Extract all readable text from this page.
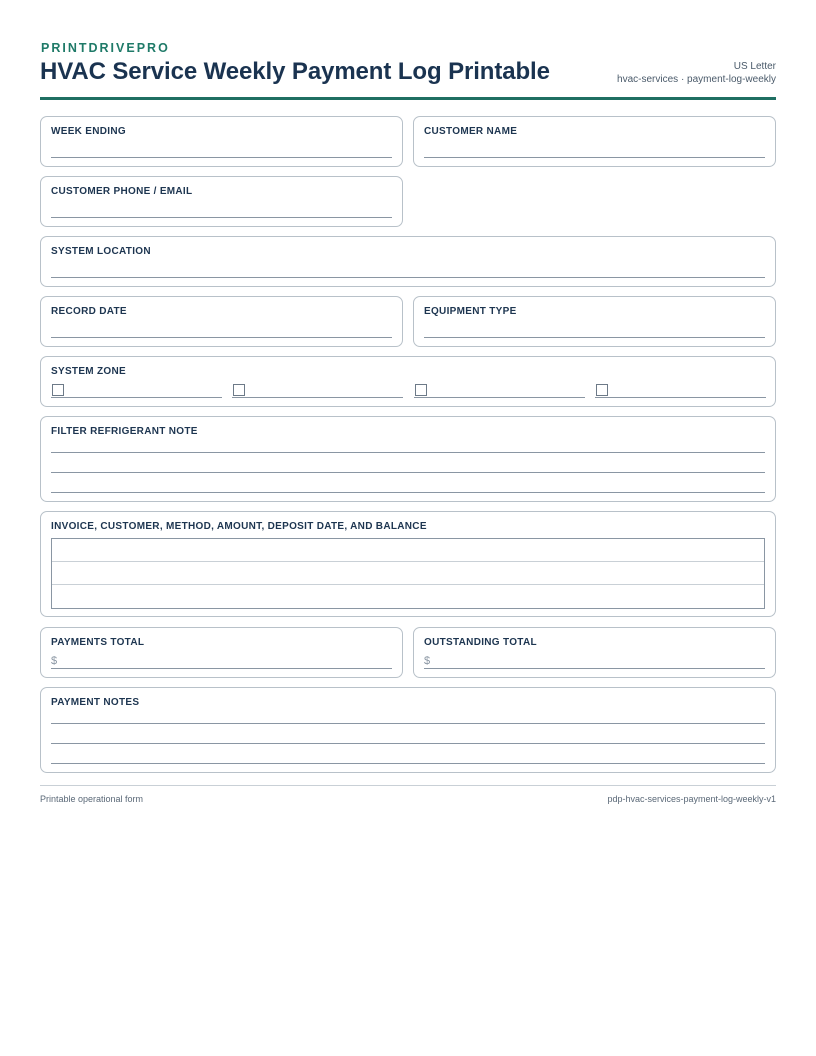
PRINTDRIVEPRO
HVAC Service Weekly Payment Log Printable	US Letter
hvac-services · payment-log-weekly
WEEK ENDING	CUSTOMER NAME
CUSTOMER PHONE / EMAIL
SYSTEM LOCATION
RECORD DATE	EQUIPMENT TYPE
SYSTEM ZONE
FILTER REFRIGERANT NOTE
INVOICE, CUSTOMER, METHOD, AMOUNT, DEPOSIT DATE, AND BALANCE
PAYMENTS TOTAL
$
OUTSTANDING TOTAL
$
PAYMENT NOTES
Printable operational form	pdp-hvac-services-payment-log-weekly-v1
